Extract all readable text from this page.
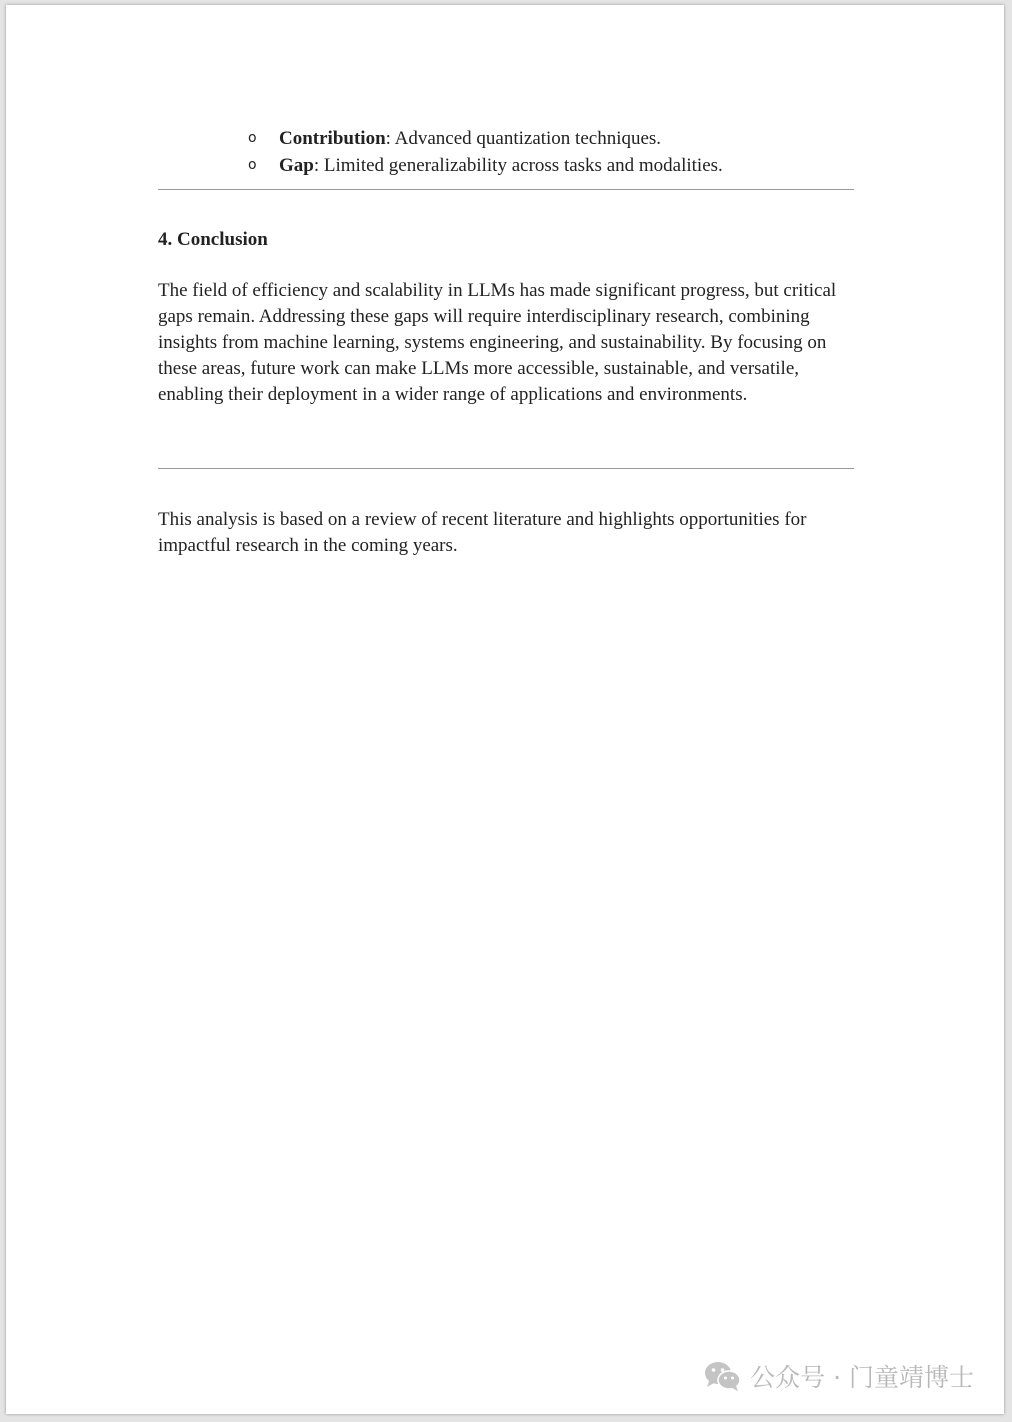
o Contribution: Advanced quantization techniques.
o Gap: Limited generalizability across tasks and modalities.
4. Conclusion

The field of efficiency and scalability in LLMs has made significant progress, but critical gaps remain. Addressing these gaps will require interdisciplinary research, combining insights from machine learning, systems engineering, and sustainability. By focusing on these areas, future work can make LLMs more accessible, sustainable, and versatile, enabling their deployment in a wider range of applications and environments.

This analysis is based on a review of recent literature and highlights opportunities for impactful research in the coming years.

公众号 · 门童靖博士
